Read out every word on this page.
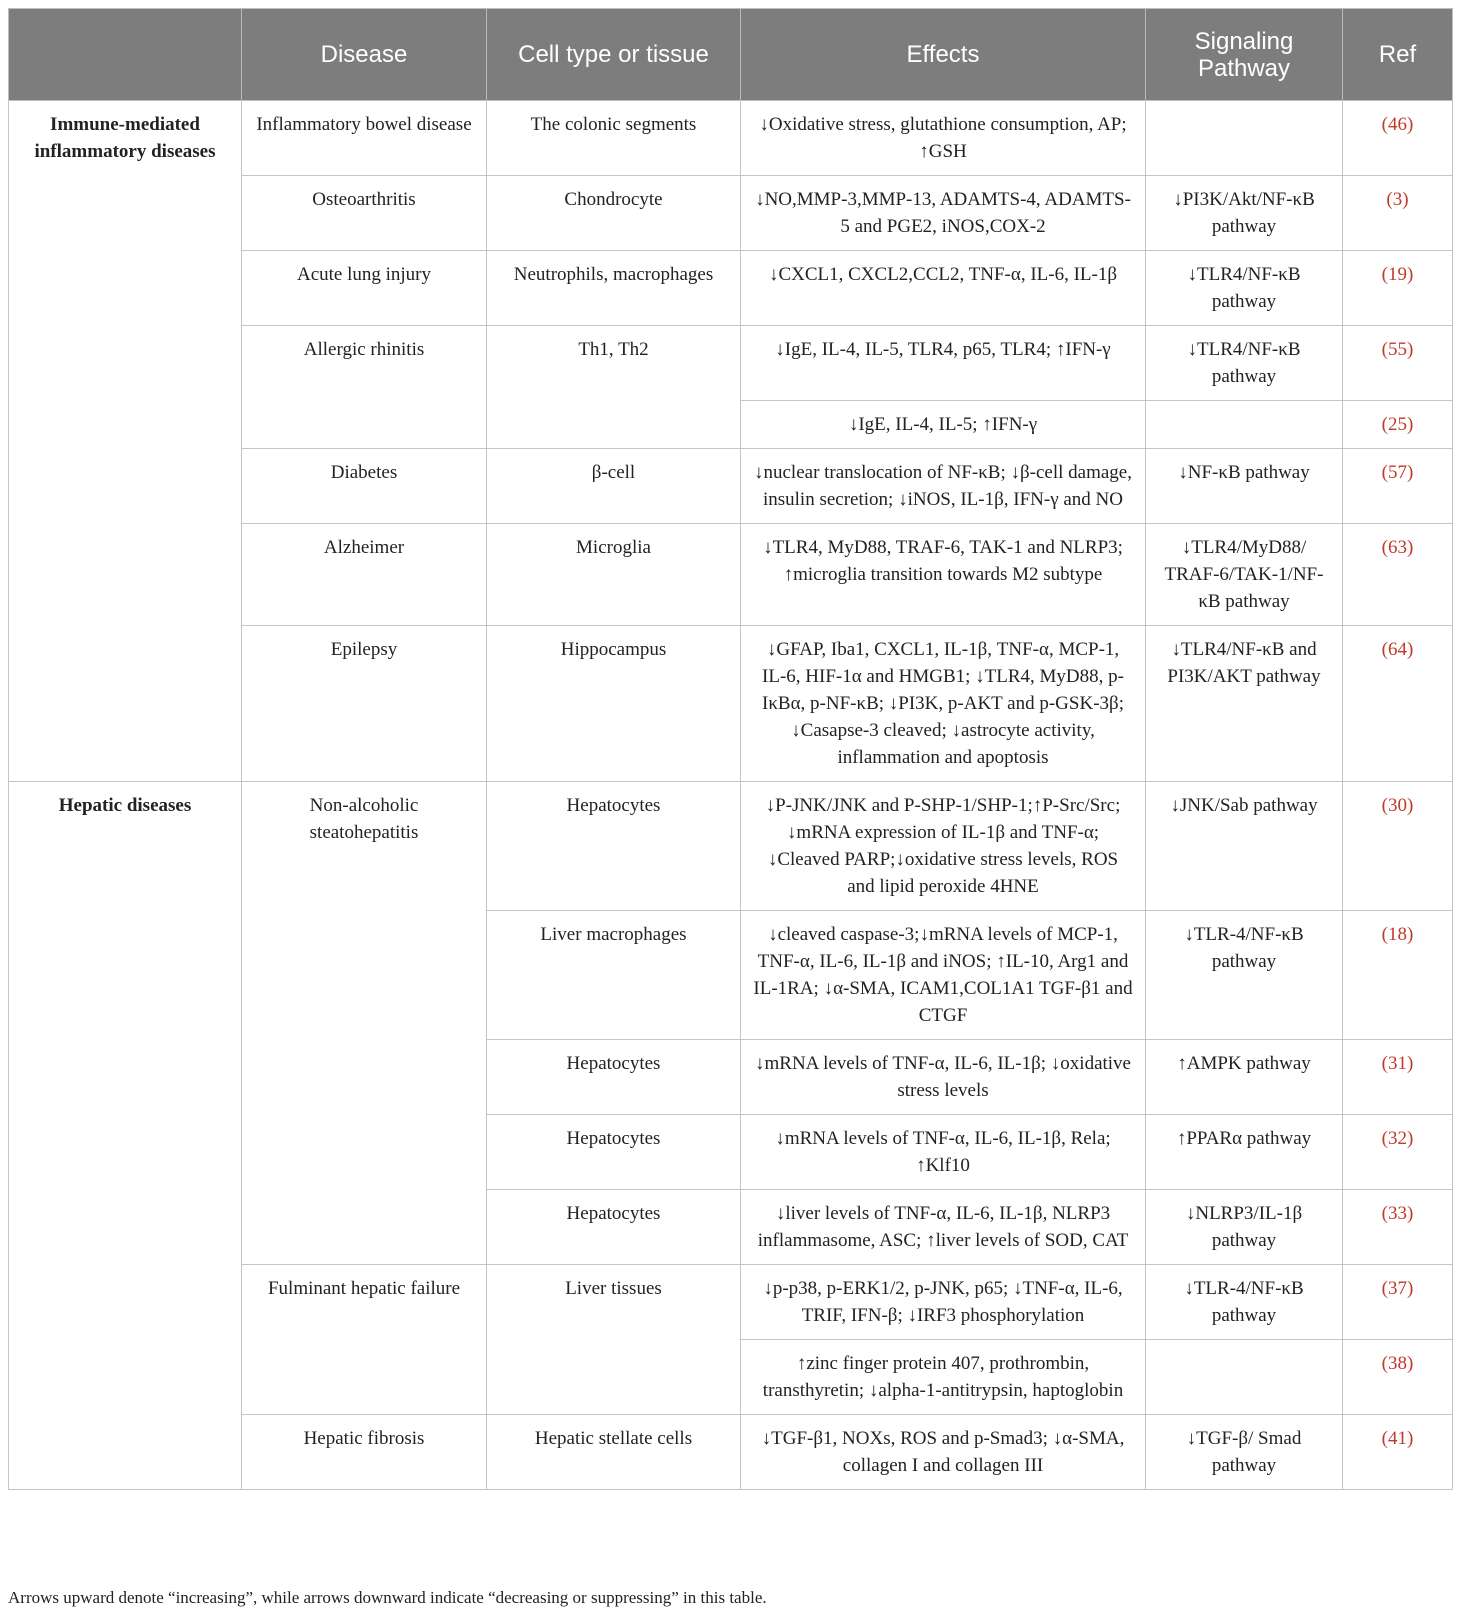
	Disease	Cell type or tissue	Effects	Signaling Pathway	Ref
Immune-mediated inflammatory diseases	Inflammatory bowel disease	The colonic segments	↓Oxidative stress, glutathione consumption, AP; ↑GSH		(46)
	Osteoarthritis	Chondrocyte	↓NO,MMP-3,MMP-13, ADAMTS-4, ADAMTS-5 and PGE2, iNOS,COX-2	↓PI3K/Akt/NF-κB pathway	(3)
	Acute lung injury	Neutrophils, macrophages	↓CXCL1, CXCL2,CCL2, TNF-α, IL-6, IL-1β	↓TLR4/NF-κB pathway	(19)
	Allergic rhinitis	Th1, Th2	↓IgE, IL-4, IL-5, TLR4, p65, TLR4; ↑IFN-γ	↓TLR4/NF-κB pathway	(55)
			↓IgE, IL-4, IL-5; ↑IFN-γ		(25)
	Diabetes	β-cell	↓nuclear translocation of NF-κB; ↓β-cell damage, insulin secretion; ↓iNOS, IL-1β, IFN-γ and NO	↓NF-κB pathway	(57)
	Alzheimer	Microglia	↓TLR4, MyD88, TRAF-6, TAK-1 and NLRP3; ↑microglia transition towards M2 subtype	↓TLR4/MyD88/ TRAF-6/TAK-1/NF-κB pathway	(63)
	Epilepsy	Hippocampus	↓GFAP, Iba1, CXCL1, IL-1β, TNF-α, MCP-1, IL-6, HIF-1α and HMGB1; ↓TLR4, MyD88, p-IκBα, p-NF-κB; ↓PI3K, p-AKT and p-GSK-3β; ↓Casapse-3 cleaved; ↓astrocyte activity, inflammation and apoptosis	↓TLR4/NF-κB and PI3K/AKT pathway	(64)
Hepatic diseases	Non-alcoholic steatohepatitis	Hepatocytes	↓P-JNK/JNK and P-SHP-1/SHP-1;↑P-Src/Src; ↓mRNA expression of IL-1β and TNF-α; ↓Cleaved PARP;↓oxidative stress levels, ROS and lipid peroxide 4HNE	↓JNK/Sab pathway	(30)
		Liver macrophages	↓cleaved caspase-3;↓mRNA levels of MCP-1, TNF-α, IL-6, IL-1β and iNOS; ↑IL-10, Arg1 and IL-1RA; ↓α-SMA, ICAM1,COL1A1 TGF-β1 and CTGF	↓TLR-4/NF-κB pathway	(18)
		Hepatocytes	↓mRNA levels of TNF-α, IL-6, IL-1β; ↓oxidative stress levels	↑AMPK pathway	(31)
		Hepatocytes	↓mRNA levels of TNF-α, IL-6, IL-1β, Rela; ↑Klf10	↑PPARα pathway	(32)
		Hepatocytes	↓liver levels of TNF-α, IL-6, IL-1β, NLRP3 inflammasome, ASC; ↑liver levels of SOD, CAT	↓NLRP3/IL-1β pathway	(33)
	Fulminant hepatic failure	Liver tissues	↓p-p38, p-ERK1/2, p-JNK, p65; ↓TNF-α, IL-6, TRIF, IFN-β; ↓IRF3 phosphorylation	↓TLR-4/NF-κB pathway	(37)
			↑zinc finger protein 407, prothrombin, transthyretin; ↓alpha-1-antitrypsin, haptoglobin		(38)
	Hepatic fibrosis	Hepatic stellate cells	↓TGF-β1, NOXs, ROS and p-Smad3; ↓α-SMA, collagen I and collagen III	↓TGF-β/ Smad pathway	(41)
Arrows upward denote “increasing”, while arrows downward indicate “decreasing or suppressing” in this table.
